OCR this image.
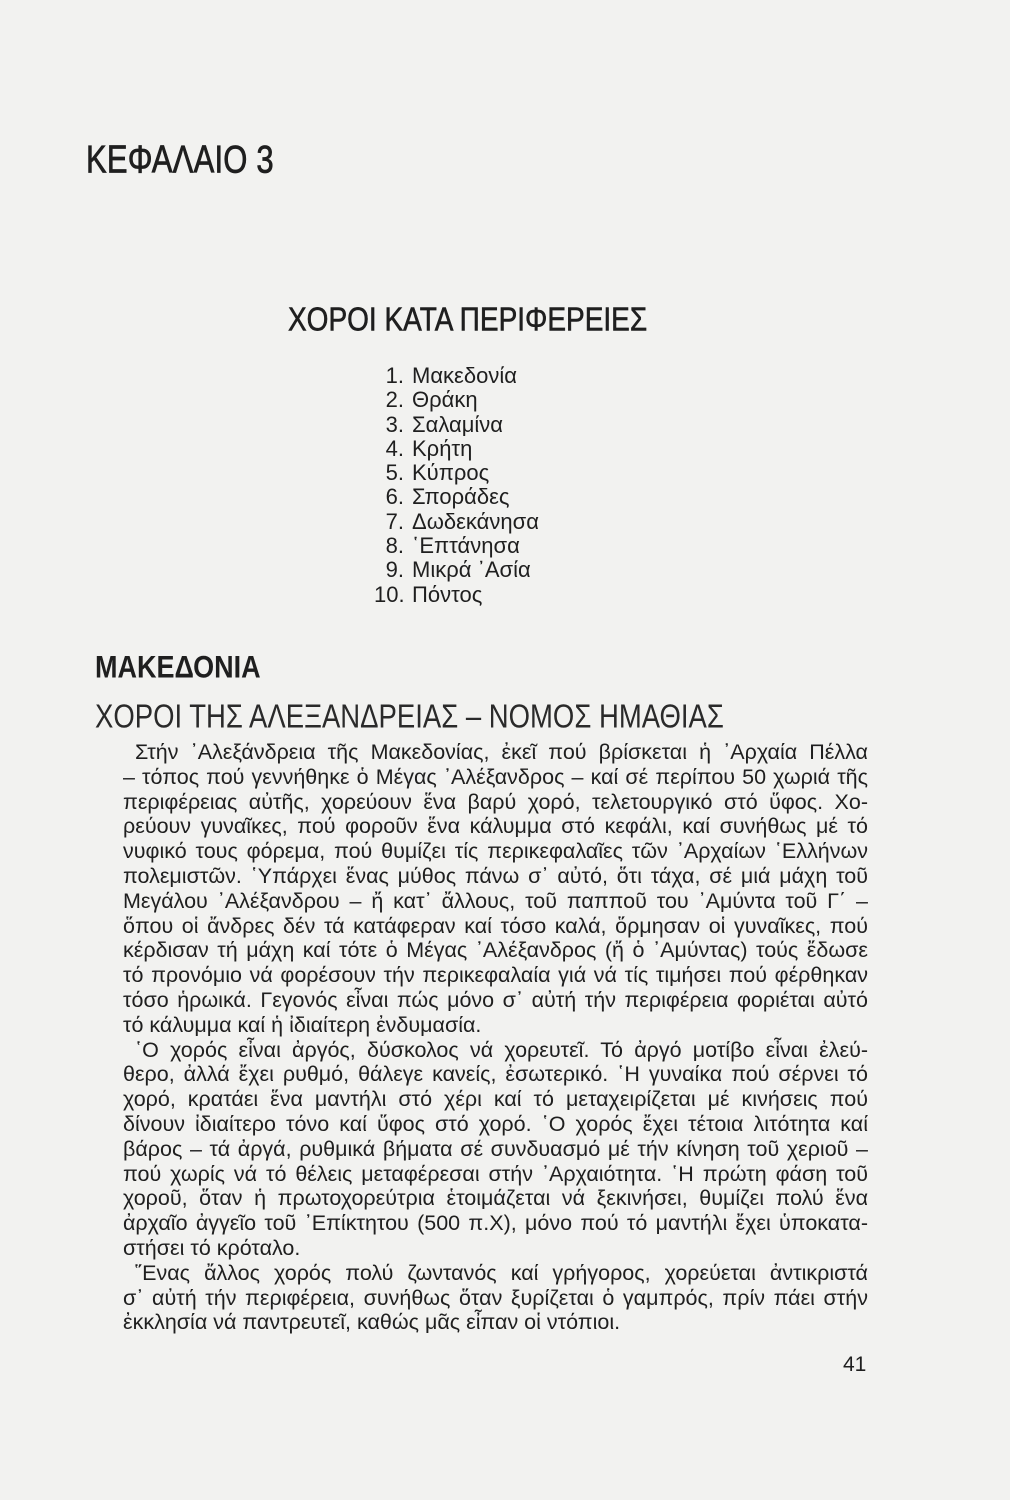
ΚΕΦΑΛΑΙΟ 3
ΧΟΡΟΙ ΚΑΤΑ ΠΕΡΙΦΕΡΕΙΕΣ
1. Μακεδονία
2. Θράκη
3. Σαλαμίνα
4. Κρήτη
5. Κύπρος
6. Σποράδες
7. Δωδεκάνησα
8. ῾Επτάνησα
9. Μικρά ᾿Ασία
10. Πόντος
ΜΑΚΕΔΟΝΙΑ
ΧΟΡΟΙ ΤΗΣ ΑΛΕΞΑΝΔΡΕΙΑΣ – ΝΟΜΟΣ ΗΜΑΘΙΑΣ
Στήν ᾿Αλεξάνδρεια τῆς Μακεδονίας, ἐκεῖ πού βρίσκεται ἡ ᾿Αρχαία Πέλλα
– τόπος πού γεννήθηκε ὁ Μέγας ᾿Αλέξανδρος – καί σέ περίπου 50 χωριά τῆς
περιφέρειας αὐτῆς, χορεύουν ἕνα βαρύ χορό, τελετουργικό στό ὕφος. Χο-
ρεύουν γυναῖκες, πού φοροῦν ἕνα κάλυμμα στό κεφάλι, καί συνήθως μέ τό
νυφικό τους φόρεμα, πού θυμίζει τίς περικεφαλαῖες τῶν ᾿Αρχαίων ῾Ελλήνων
πολεμιστῶν. ῾Υπάρχει ἕνας μύθος πάνω σ᾿ αὐτό, ὅτι τάχα, σέ μιά μάχη τοῦ
Μεγάλου ᾿Αλέξανδρου – ἤ κατ᾿ ἄλλους, τοῦ παπποῦ του ᾿Αμύντα τοῦ Γ΄ –
ὅπου οἱ ἄνδρες δέν τά κατάφεραν καί τόσο καλά, ὅρμησαν οἱ γυναῖκες, πού
κέρδισαν τή μάχη καί τότε ὁ Μέγας ᾿Αλέξανδρος (ἤ ὁ ᾿Αμύντας) τούς ἔδωσε
τό προνόμιο νά φορέσουν τήν περικεφαλαία γιά νά τίς τιμήσει πού φέρθηκαν
τόσο ἡρωικά. Γεγονός εἶναι πώς μόνο σ᾿ αὐτή τήν περιφέρεια φοριέται αὐτό
τό κάλυμμα καί ἡ ἰδιαίτερη ἐνδυμασία.
῾Ο χορός εἶναι ἀργός, δύσκολος νά χορευτεῖ. Τό ἀργό μοτίβο εἶναι ἐλεύ-
θερο, ἀλλά ἔχει ρυθμό, θάλεγε κανείς, ἐσωτερικό. ῾Η γυναίκα πού σέρνει τό
χορό, κρατάει ἕνα μαντήλι στό χέρι καί τό μεταχειρίζεται μέ κινήσεις πού
δίνουν ἰδιαίτερο τόνο καί ὕφος στό χορό. ῾Ο χορός ἔχει τέτοια λιτότητα καί
βάρος – τά ἀργά, ρυθμικά βήματα σέ συνδυασμό μέ τήν κίνηση τοῦ χεριοῦ –
πού χωρίς νά τό θέλεις μεταφέρεσαι στήν ᾿Αρχαιότητα. ῾Η πρώτη φάση τοῦ
χοροῦ, ὅταν ἡ πρωτοχορεύτρια ἑτοιμάζεται νά ξεκινήσει, θυμίζει πολύ ἕνα
ἀρχαῖο ἀγγεῖο τοῦ ᾿Επίκτητου (500 π.Χ), μόνο πού τό μαντήλι ἔχει ὑποκατα-
στήσει τό κρόταλο.
῞Ενας ἄλλος χορός πολύ ζωντανός καί γρήγορος, χορεύεται ἀντικριστά
σ᾿ αὐτή τήν περιφέρεια, συνήθως ὅταν ξυρίζεται ὁ γαμπρός, πρίν πάει στήν
ἐκκλησία νά παντρευτεῖ, καθώς μᾶς εἶπαν οἱ ντόπιοι.
41
